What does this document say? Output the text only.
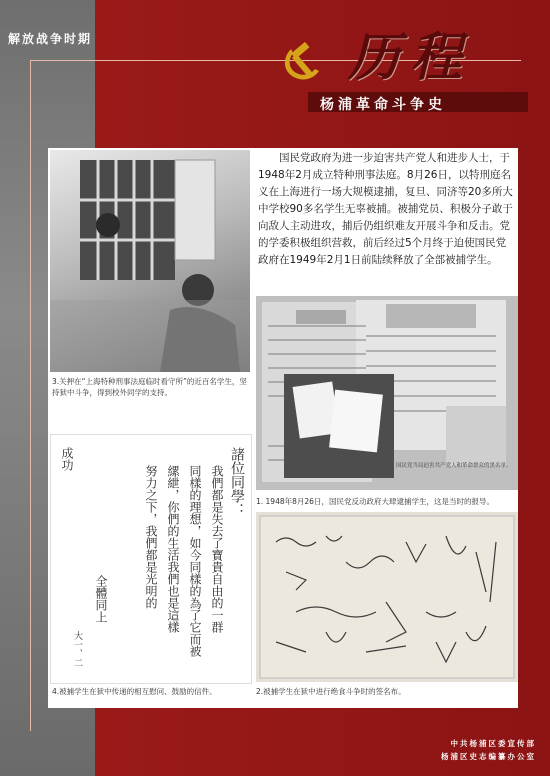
解放战争时期	历程
杨浦革命斗争史
3.关押在“上海特种刑事法庭临时看守所”的近百名学生，坚持狱中斗争，得到校外同学的支持。

国民党政府为进一步迫害共产党人和进步人士，于1948年2月成立特种刑事法庭。8月26日，以特刑庭名义在上海进行一场大规模逮捕，复旦、同济等20多所大中学校90多名学生无辜被捕。被捕党员、积极分子敢于向敌人主动进攻，捕后仍组织难友开展斗争和反击。党的学委积极组织营救，前后经过5个月终于迫使国民党政府在1949年2月1日前陆续释放了全部被捕学生。

国民党当局迫害共产党人和革命群众的黑名单。
1. 1948年8月26日，国民党反动政府大肆逮捕学生，这是当时的报导。
諸位同學：
我們都是失去了寶貴自由的一群
同樣的理想，如今同樣的為了它而被
縲紲，你們的生活我們也是這樣
努力之下，我們都是光明的
全體同上
大一、二
成功
4.被捕学生在狱中传递的相互慰问、鼓励的信件。	2.被捕学生在狱中进行绝食斗争时的签名布。
中共杨浦区委宣传部
杨浦区史志编纂办公室
